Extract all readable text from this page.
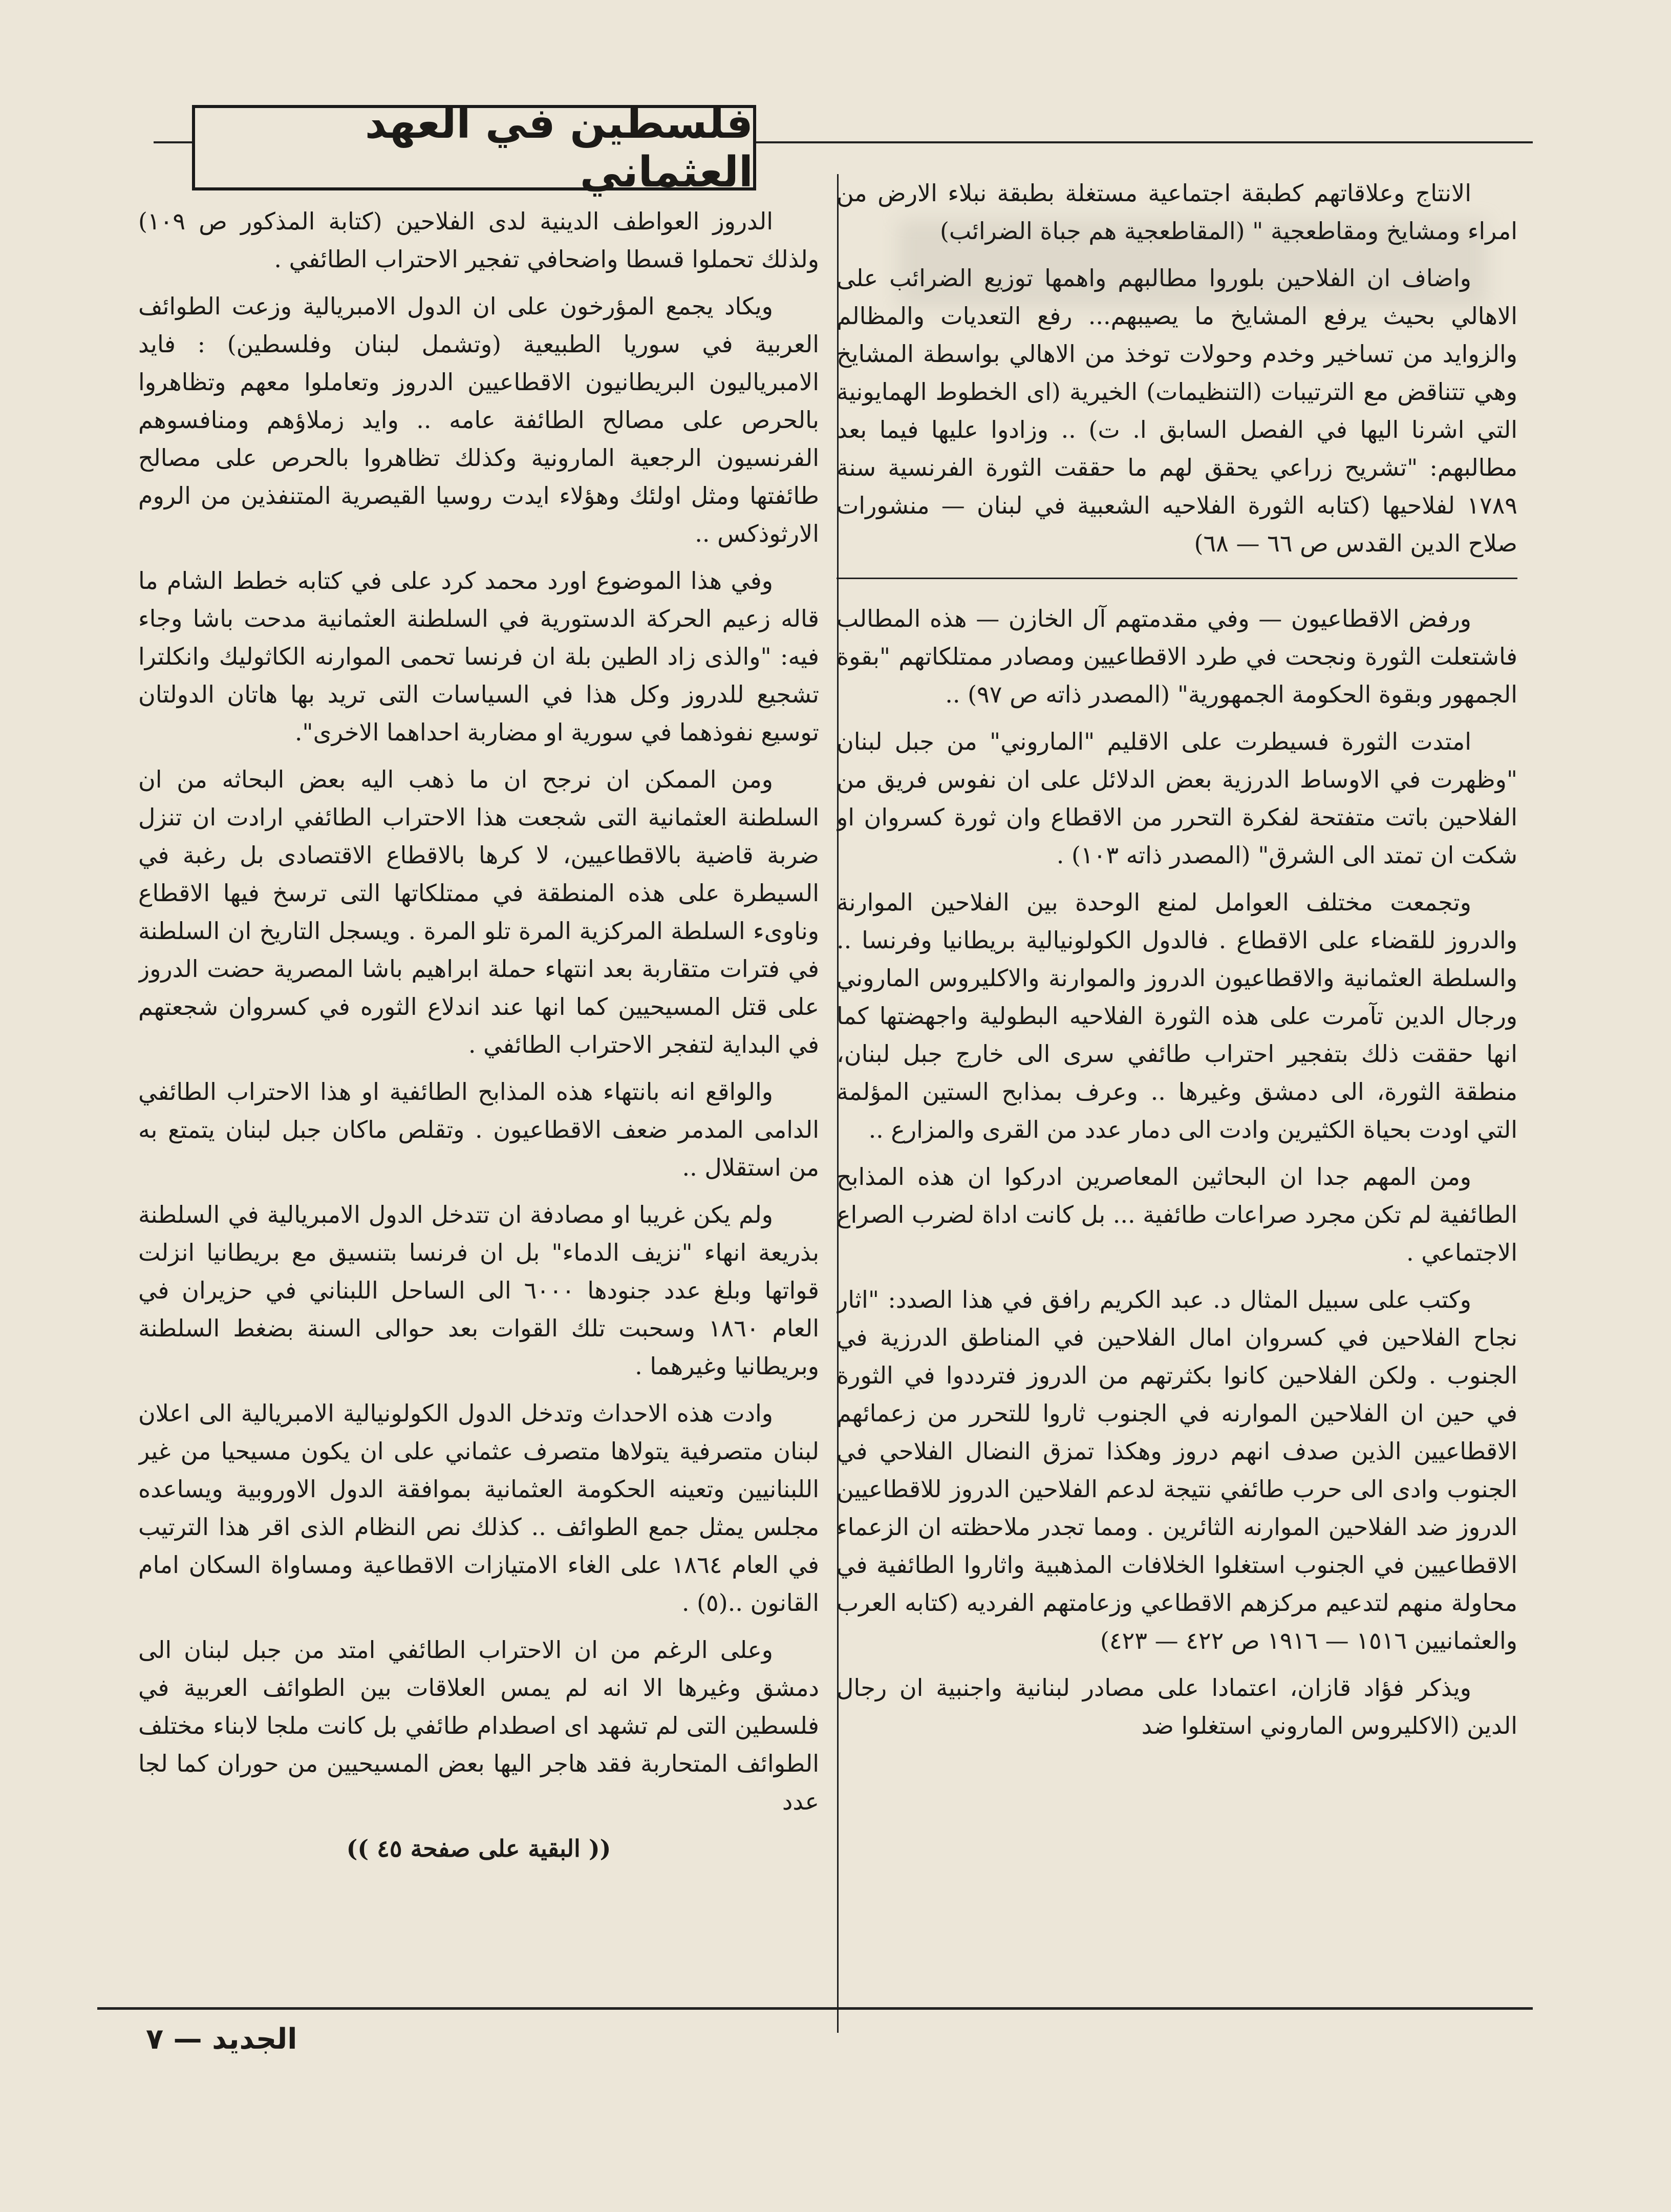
فلسطين في العهد العثماني	الانتاج وعلاقاتهم كطبقة اجتماعية مستغلة بطبقة نبلاء الارض من امراء ومشايخ ومقاطعجية " (المقاطعجية هم جباة الضرائب)

واضاف ان الفلاحين بلوروا مطالبهم واهمها توزيع الضرائب على الاهالي بحيث يرفع المشايخ ما يصيبهم... رفع التعديات والمظالم والزوايد من تساخير وخدم وحولات توخذ من الاهالي بواسطة المشايخ وهي تتناقض مع الترتيبات (التنظيمات) الخيرية (اى الخطوط الهمايونية التي اشرنا اليها في الفصل السابق ا. ت) .. وزادوا عليها فيما بعد مطالبهم: "تشريح زراعي يحقق لهم ما حققت الثورة الفرنسية سنة ١٧٨٩ لفلاحيها (كتابه الثورة الفلاحيه الشعبية في لبنان — منشورات صلاح الدين القدس ص ٦٦ — ٦٨)

ورفض الاقطاعيون — وفي مقدمتهم آل الخازن — هذه المطالب فاشتعلت الثورة ونجحت في طرد الاقطاعيين ومصادر ممتلكاتهم "بقوة الجمهور وبقوة الحكومة الجمهورية" (المصدر ذاته ص ٩٧) ..

امتدت الثورة فسيطرت على الاقليم "الماروني" من جبل لبنان "وظهرت في الاوساط الدرزية بعض الدلائل على ان نفوس فريق من الفلاحين باتت متفتحة لفكرة التحرر من الاقطاع وان ثورة كسروان او شكت ان تمتد الى الشرق" (المصدر ذاته ١٠٣) .

وتجمعت مختلف العوامل لمنع الوحدة بين الفلاحين الموارنة والدروز للقضاء على الاقطاع . فالدول الكولونيالية بريطانيا وفرنسا .. والسلطة العثمانية والاقطاعيون الدروز والموارنة والاكليروس الماروني ورجال الدين تآمرت على هذه الثورة الفلاحيه البطولية واجهضتها كما انها حققت ذلك بتفجير احتراب طائفي سرى الى خارج جبل لبنان، منطقة الثورة، الى دمشق وغيرها .. وعرف بمذابح الستين المؤلمة التي اودت بحياة الكثيرين وادت الى دمار عدد من القرى والمزارع ..

ومن المهم جدا ان البحاثين المعاصرين ادركوا ان هذه المذابح الطائفية لم تكن مجرد صراعات طائفية ... بل كانت اداة لضرب الصراع الاجتماعي .

وكتب على سبيل المثال د. عبد الكريم رافق في هذا الصدد: "اثار نجاح الفلاحين في كسروان امال الفلاحين في المناطق الدرزية في الجنوب . ولكن الفلاحين كانوا بكثرتهم من الدروز فترددوا في الثورة في حين ان الفلاحين الموارنه في الجنوب ثاروا للتحرر من زعمائهم الاقطاعيين الذين صدف انهم دروز وهكذا تمزق النضال الفلاحي في الجنوب وادى الى حرب طائفي نتيجة لدعم الفلاحين الدروز للاقطاعيين الدروز ضد الفلاحين الموارنه الثائرين . ومما تجدر ملاحظته ان الزعماء الاقطاعيين في الجنوب استغلوا الخلافات المذهبية واثاروا الطائفية في محاولة منهم لتدعيم مركزهم الاقطاعي وزعامتهم الفرديه (كتابه العرب والعثمانيين ١٥١٦ — ١٩١٦ ص ٤٢٢ — ٤٢٣)

ويذكر فؤاد قازان، اعتمادا على مصادر لبنانية واجنبية ان رجال الدين (الاكليروس الماروني استغلوا ضد

الدروز العواطف الدينية لدى الفلاحين (كتابة المذكور ص ١٠٩) ولذلك تحملوا قسطا واضحافي تفجير الاحتراب الطائفي .

ويكاد يجمع المؤرخون على ان الدول الامبريالية وزعت الطوائف العربية في سوريا الطبيعية (وتشمل لبنان وفلسطين) : فايد الامبرياليون البريطانيون الاقطاعيين الدروز وتعاملوا معهم وتظاهروا بالحرص على مصالح الطائفة عامه .. وايد زملاؤهم ومنافسوهم الفرنسيون الرجعية المارونية وكذلك تظاهروا بالحرص على مصالح طائفتها ومثل اولئك وهؤلاء ايدت روسيا القيصرية المتنفذين من الروم الارثوذكس ..

وفي هذا الموضوع اورد محمد كرد على في كتابه خطط الشام ما قاله زعيم الحركة الدستورية في السلطنة العثمانية مدحت باشا وجاء فيه: "والذى زاد الطين بلة ان فرنسا تحمى الموارنه الكاثوليك وانكلترا تشجيع للدروز وكل هذا في السياسات التى تريد بها هاتان الدولتان توسيع نفوذهما في سورية او مضاربة احداهما الاخرى".

ومن الممكن ان نرجح ان ما ذهب اليه بعض البحاثه من ان السلطنة العثمانية التى شجعت هذا الاحتراب الطائفي ارادت ان تنزل ضربة قاضية بالاقطاعيين، لا كرها بالاقطاع الاقتصادى بل رغبة في السيطرة على هذه المنطقة في ممتلكاتها التى ترسخ فيها الاقطاع وناوىء السلطة المركزية المرة تلو المرة . ويسجل التاريخ ان السلطنة في فترات متقاربة بعد انتهاء حملة ابراهيم باشا المصرية حضت الدروز على قتل المسيحيين كما انها عند اندلاع الثوره في كسروان شجعتهم في البداية لتفجر الاحتراب الطائفي .

والواقع انه بانتهاء هذه المذابح الطائفية او هذا الاحتراب الطائفي الدامى المدمر ضعف الاقطاعيون . وتقلص ماكان جبل لبنان يتمتع به من استقلال ..

ولم يكن غريبا او مصادفة ان تتدخل الدول الامبريالية في السلطنة بذريعة انهاء "نزيف الدماء" بل ان فرنسا بتنسيق مع بريطانيا انزلت قواتها وبلغ عدد جنودها ٦٠٠٠ الى الساحل اللبناني في حزيران في العام ١٨٦٠ وسحبت تلك القوات بعد حوالى السنة بضغط السلطنة وبريطانيا وغيرهما .

وادت هذه الاحداث وتدخل الدول الكولونيالية الامبريالية الى اعلان لبنان متصرفية يتولاها متصرف عثماني على ان يكون مسيحيا من غير اللبنانيين وتعينه الحكومة العثمانية بموافقة الدول الاوروبية ويساعده مجلس يمثل جمع الطوائف .. كذلك نص النظام الذى اقر هذا الترتيب في العام ١٨٦٤ على الغاء الامتيازات الاقطاعية ومساواة السكان امام القانون ..(٥) .

وعلى الرغم من ان الاحتراب الطائفي امتد من جبل لبنان الى دمشق وغيرها الا انه لم يمس العلاقات بين الطوائف العربية في فلسطين التى لم تشهد اى اصطدام طائفي بل كانت ملجا لابناء مختلف الطوائف المتحاربة فقد هاجر اليها بعض المسيحيين من حوران كما لجا عدد

(( البقية على صفحة ٤٥ ))

الجديد — ٧
